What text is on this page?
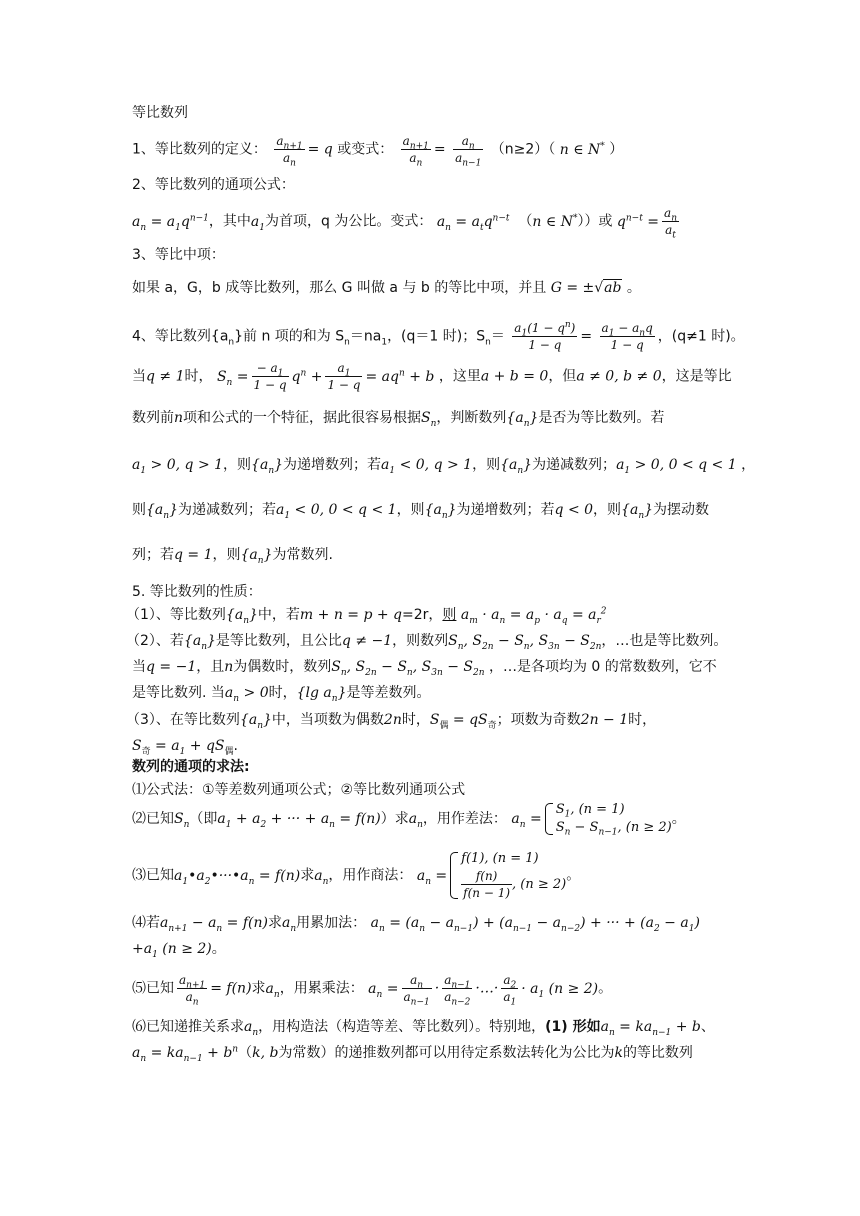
等比数列
1、等比数列的定义： $\frac{a_{n+1}}{a_n} = q$ 或变式： $\frac{a_{n+1}}{a_n} = \frac{a_n}{a_{n-1}} (n\ge 2)$（ n ∈ N* ）
2、等比数列的通项公式：
$a_n = a_1q^{n-1}$，其中$a_1$为首项，q 为公比。变式： $a_n = a_tq^{n-t}$ （n ∈ N*））或 $q^{n-t} = \frac{a_n}{a_t}$
3、等比中项：
如果 a，G，b 成等比数列，那么 G 叫做 a 与 b 的等比中项，并且 G = ±√ab 。
4、等比数列$\{a_n\}$前 n 项的和为 $S_n=na_1$，(q＝1 时)；$S_n= \frac{a_1(1 - q^n)}{1 - q} = \frac{a_1 - a_nq}{1 - q}$ ，(q≠1 时)。
当q ≠ 1时， $S_n = \frac{- a_1}{1 - q} q^n + \frac{a_1}{1 - q} = aq^n + b$ ，这里a + b = 0，但a ≠ 0, b ≠ 0，这是等比
数列前n项和公式的一个特征，据此很容易根据$S_n$，判断数列$\{a_n\}$是否为等比数列。若
$a_1 > 0$, q > 1，则$\{a_n\}$为递增数列；若$a_1 < 0$, q > 1，则$\{a_n\}$为递减数列；$a_1 > 0$, 0 < q < 1 ，
则$\{a_n\}$为递减数列；若$a_1 < 0$, 0 < q < 1，则$\{a_n\}$为递增数列；若q < 0，则$\{a_n\}$为摆动数
列；若q = 1，则$\{a_n\}$为常数列.
5. 等比数列的性质：
（1）、等比数列$\{a_n\}$中，若m + n = p + q=2r，则 $a_m \cdot a_n = a_p \cdot a_q = a_r^2$
（2）、若$\{a_n\}$是等比数列，且公比q ≠ −1，则数列$S_n$, $S_{2n} - S_n$, $S_{3n} - S_{2n}$，…也是等比数列。
当q = −1，且n为偶数时，数列$S_n$, $S_{2n} - S_n$, $S_{3n} - S_{2n}$ ，…是各项均为 0 的常数数列，它不
是等比数列. 当$a_n > 0$时，{lg $a_n$}是等差数列。
（3）、在等比数列$\{a_n\}$中，当项数为偶数2n时，$S_偶 = qS_奇$；项数为奇数2n − 1时，
$S_奇 = a_1 + qS_偶$.
数列的通项的求法:
⑴公式法：①等差数列通项公式；②等比数列通项公式
⑵已知$S_n$（即$a_1 + a_2$ + ··· + $a_n = f(n)$）求$a_n$，用作差法： $a_n$ =
$S_1$, (n = 1)
$S_n - S_{n-1}$, (n ≥ 2)
。
⑶已知$a_1•a_2•\cdot\cdot\cdot•a_n = f(n)$求$a_n$，用作商法： $a_n$ =
f(1), (n = 1)
$\frac{f(n)}{f(n - 1)}$ , (n ≥ 2)
。
⑷若$a_{n+1} - a_n = f(n)$求$a_n$用累加法： $a_n = (a_n - a_{n-1}) + (a_{n-1} - a_{n-2})$ + ··· + $(a_2 - a_1)$
$+a_1$ (n ≥ 2)。
⑸已知 $\frac{a_{n+1}}{a_n} = f(n)$求$a_n$，用累乘法： $a_n = \frac{a_n}{a_{n-1}} \cdot \frac{a_{n-1}}{a_{n-2}}$ ·…· $\frac{a_2}{a_1} \cdot a_1$ (n ≥ 2)。
⑹已知递推关系求$a_n$，用构造法（构造等差、等比数列）。特别地，(1) 形如$a_n = ka_{n-1} + b$、
$a_n = ka_{n-1} + b^n(k$, b为常数）的递推数列都可以用待定系数法转化为公比为k的等比数列
